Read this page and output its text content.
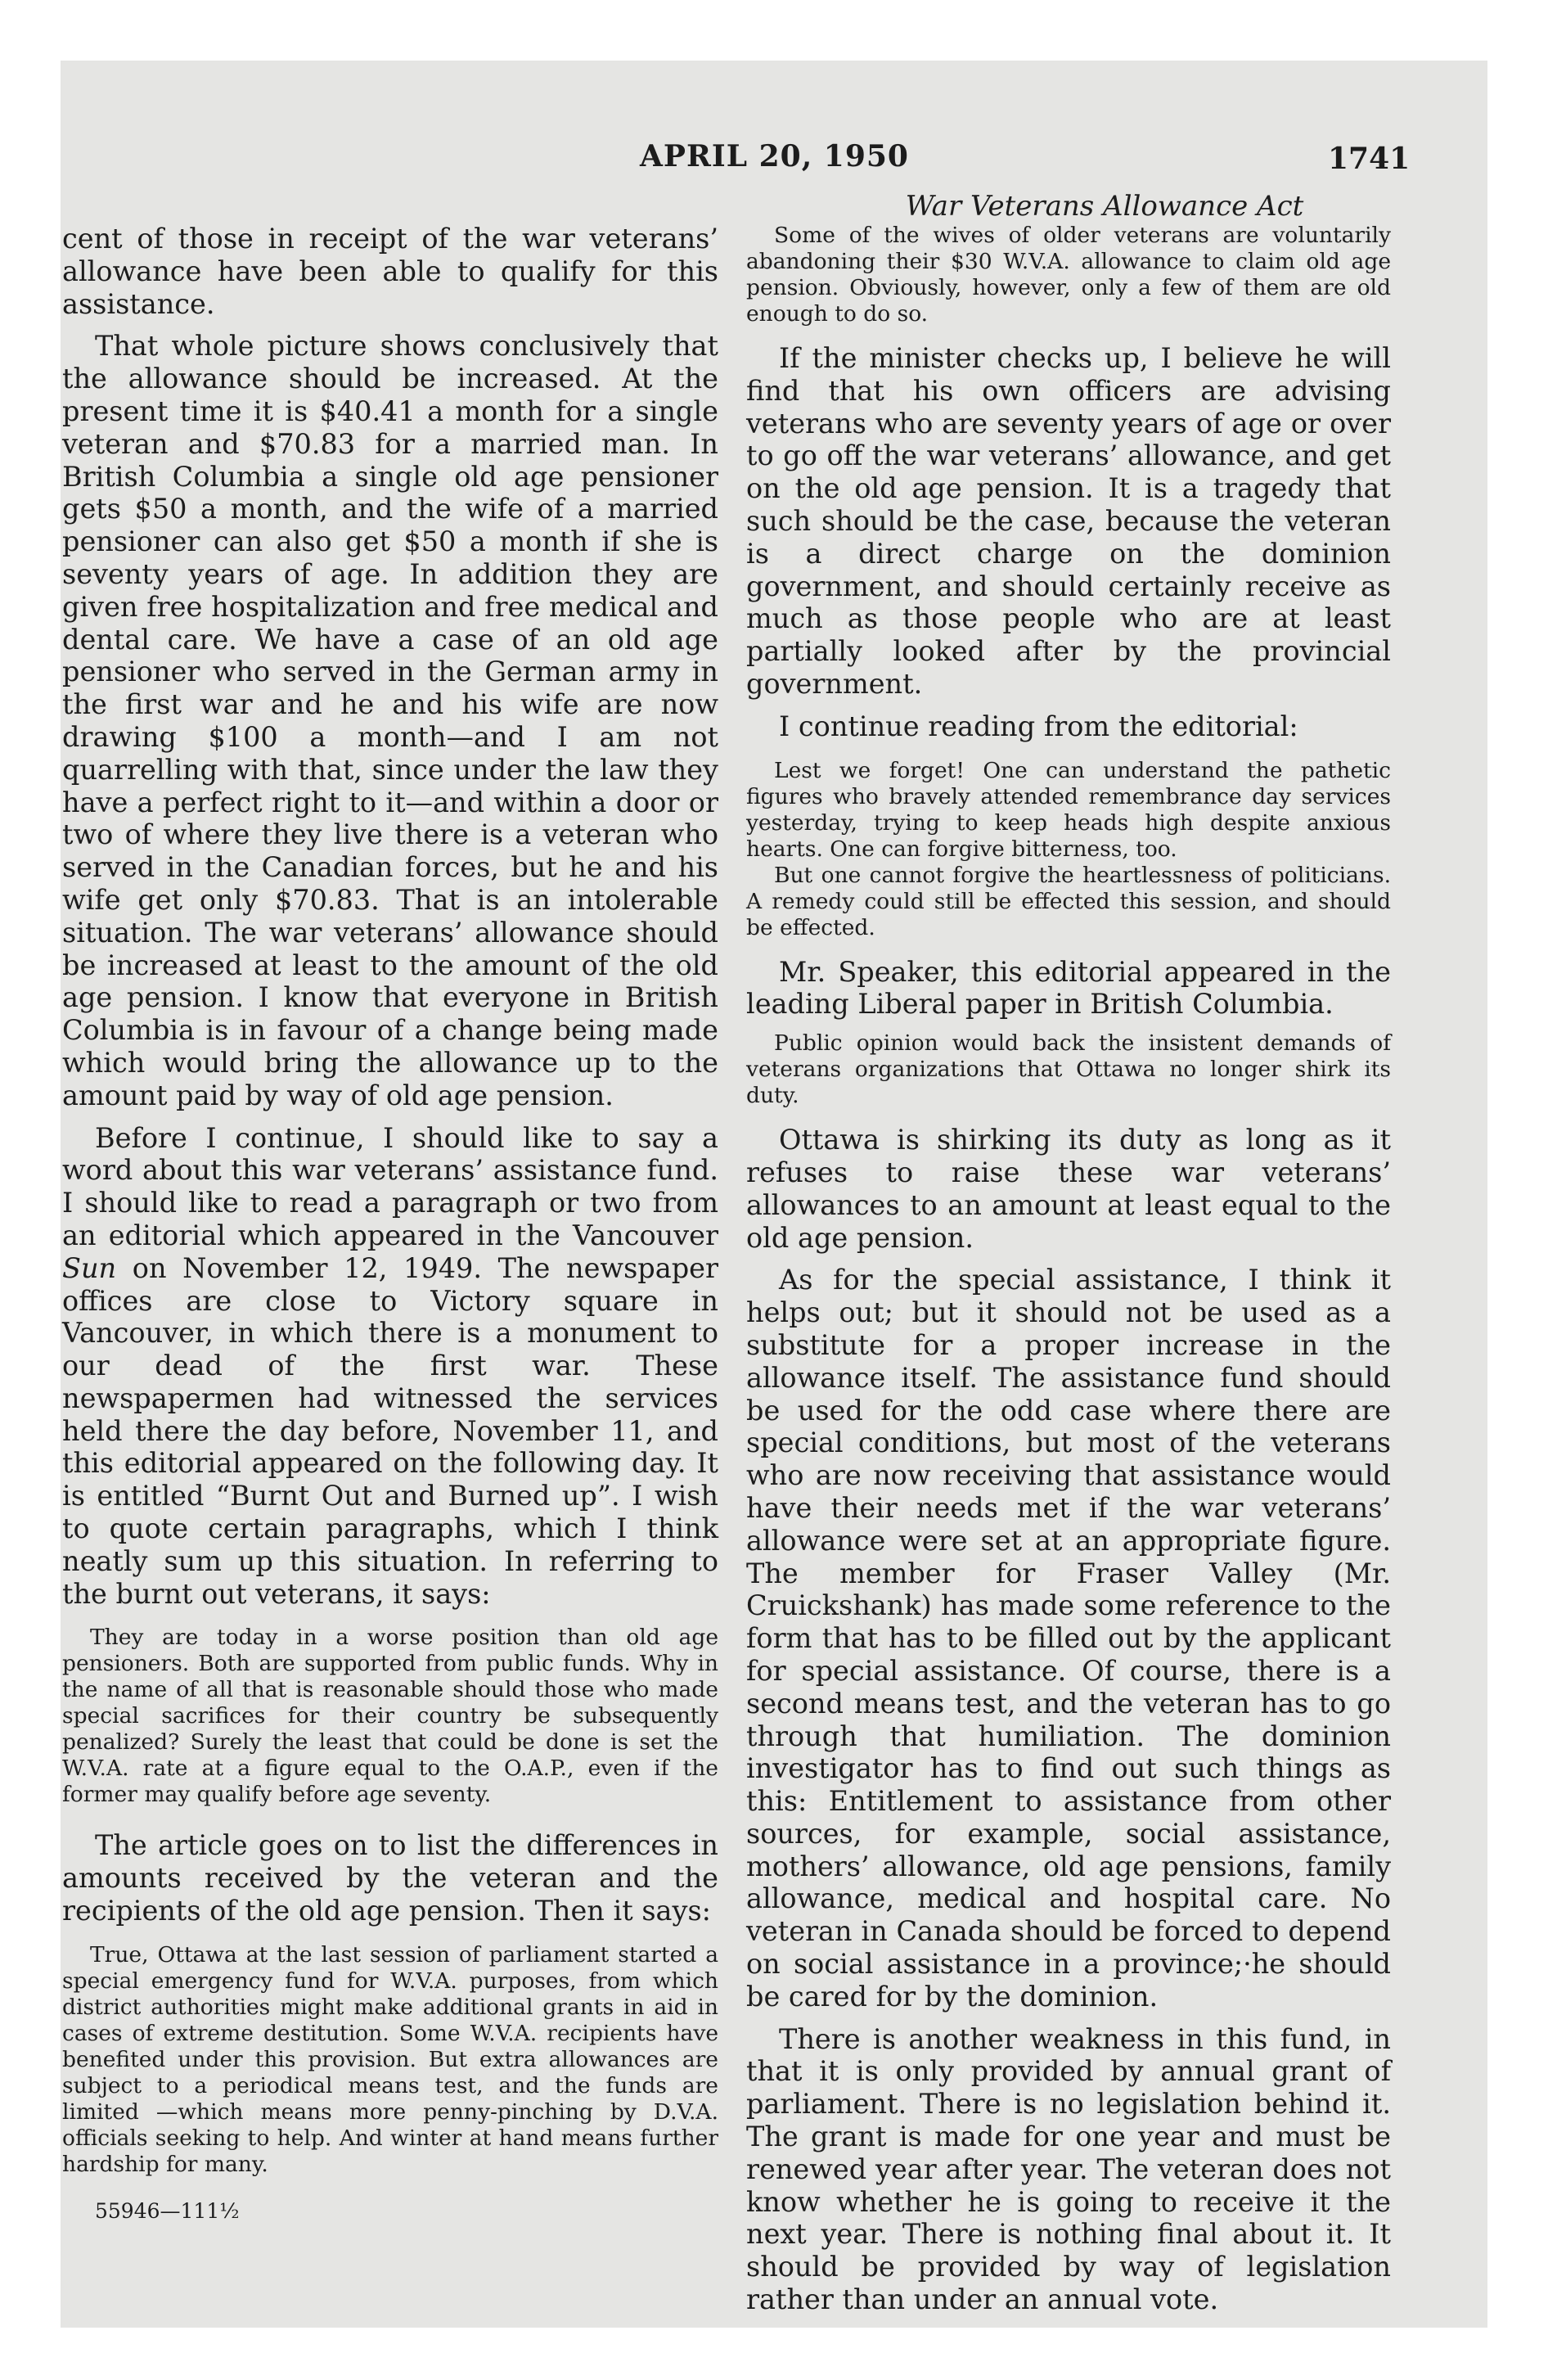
APRIL 20, 1950	1741
War Veterans Allowance Act

cent of those in receipt of the war veterans’ allowance have been able to qualify for this assistance.

That whole picture shows conclusively that the allowance should be increased. At the present time it is $40.41 a month for a single veteran and $70.83 for a married man. In British Columbia a single old age pensioner gets $50 a month, and the wife of a married pensioner can also get $50 a month if she is seventy years of age. In addition they are given free hospitalization and free medical and dental care. We have a case of an old age pensioner who served in the German army in the first war and he and his wife are now drawing $100 a month—and I am not quarrelling with that, since under the law they have a perfect right to it—and within a door or two of where they live there is a veteran who served in the Canadian forces, but he and his wife get only $70.83. That is an intolerable situation. The war veterans’ allowance should be increased at least to the amount of the old age pension. I know that everyone in British Columbia is in favour of a change being made which would bring the allowance up to the amount paid by way of old age pension.

Before I continue, I should like to say a word about this war veterans’ assistance fund. I should like to read a paragraph or two from an editorial which appeared in the Vancouver Sun on November 12, 1949. The newspaper offices are close to Victory square in Vancouver, in which there is a monument to our dead of the first war. These newspapermen had witnessed the services held there the day before, November 11, and this editorial appeared on the following day. It is entitled “Burnt Out and Burned up”. I wish to quote certain paragraphs, which I think neatly sum up this situation. In referring to the burnt out veterans, it says:

They are today in a worse position than old age pensioners. Both are supported from public funds. Why in the name of all that is reasonable should those who made special sacrifices for their country be subsequently penalized? Surely the least that could be done is set the W.V.A. rate at a figure equal to the O.A.P., even if the former may qualify before age seventy.

The article goes on to list the differences in amounts received by the veteran and the recipients of the old age pension. Then it says:

True, Ottawa at the last session of parliament started a special emergency fund for W.V.A. purposes, from which district authorities might make additional grants in aid in cases of extreme destitution. Some W.V.A. recipients have benefited under this provision. But extra allowances are subject to a periodical means test, and the funds are limited —which means more penny-pinching by D.V.A. officials seeking to help. And winter at hand means further hardship for many.

55946—111½

Some of the wives of older veterans are voluntarily abandoning their $30 W.V.A. allowance to claim old age pension. Obviously, however, only a few of them are old enough to do so.

If the minister checks up, I believe he will find that his own officers are advising veterans who are seventy years of age or over to go off the war veterans’ allowance, and get on the old age pension. It is a tragedy that such should be the case, because the veteran is a direct charge on the dominion government, and should certainly receive as much as those people who are at least partially looked after by the provincial government.

I continue reading from the editorial:

Lest we forget! One can understand the pathetic figures who bravely attended remembrance day services yesterday, trying to keep heads high despite anxious hearts. One can forgive bitterness, too.

But one cannot forgive the heartlessness of politicians. A remedy could still be effected this session, and should be effected.

Mr. Speaker, this editorial appeared in the leading Liberal paper in British Columbia.

Public opinion would back the insistent demands of veterans organizations that Ottawa no longer shirk its duty.

Ottawa is shirking its duty as long as it refuses to raise these war veterans’ allowances to an amount at least equal to the old age pension.

As for the special assistance, I think it helps out; but it should not be used as a substitute for a proper increase in the allowance itself. The assistance fund should be used for the odd case where there are special conditions, but most of the veterans who are now receiving that assistance would have their needs met if the war veterans’ allowance were set at an appropriate figure. The member for Fraser Valley (Mr. Cruickshank) has made some reference to the form that has to be filled out by the applicant for special assistance. Of course, there is a second means test, and the veteran has to go through that humiliation. The dominion investigator has to find out such things as this: Entitlement to assistance from other sources, for example, social assistance, mothers’ allowance, old age pensions, family allowance, medical and hospital care. No veteran in Canada should be forced to depend on social assistance in a province;·he should be cared for by the dominion.

There is another weakness in this fund, in that it is only provided by annual grant of parliament. There is no legislation behind it. The grant is made for one year and must be renewed year after year. The veteran does not know whether he is going to receive it the next year. There is nothing final about it. It should be provided by way of legislation rather than under an annual vote.
